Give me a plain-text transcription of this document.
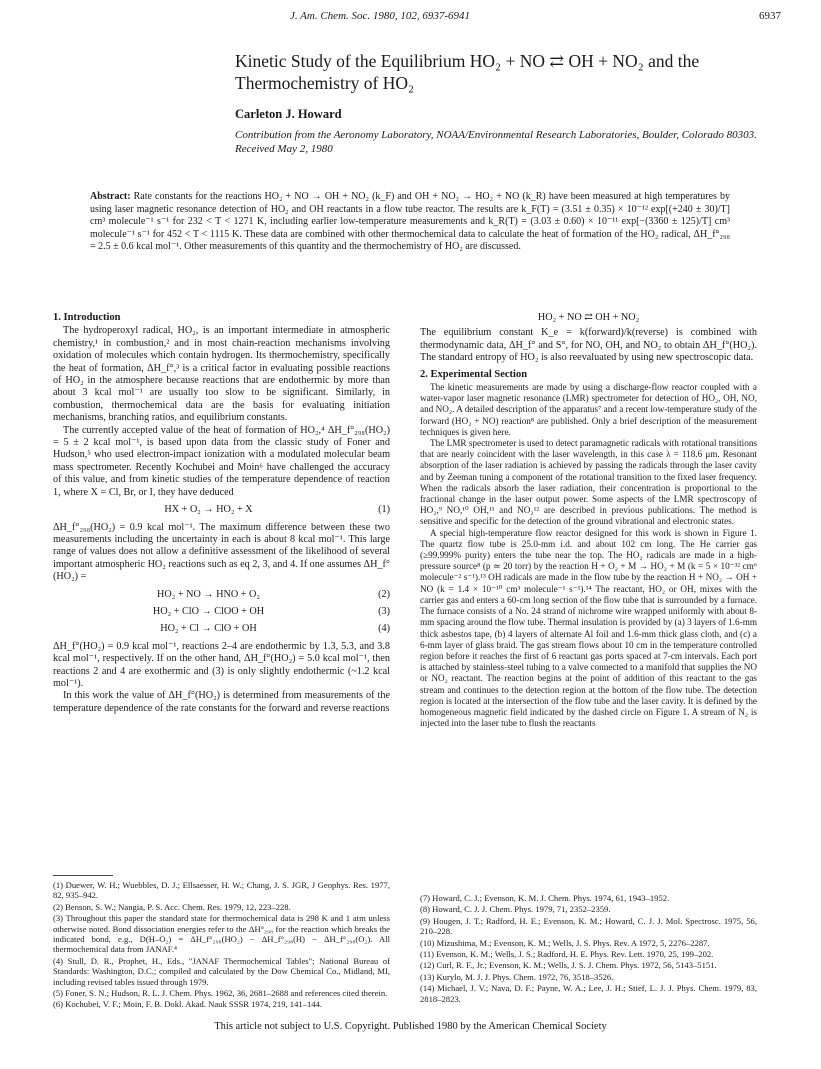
J. Am. Chem. Soc. 1980, 102, 6937-6941	6937
Kinetic Study of the Equilibrium HO₂ + NO ⇄ OH + NO₂ and the Thermochemistry of HO₂
Carleton J. Howard
Contribution from the Aeronomy Laboratory, NOAA/Environmental Research Laboratories, Boulder, Colorado 80303. Received May 2, 1980
Abstract: Rate constants for the reactions HO₂ + NO → OH + NO₂ (k_F) and OH + NO₂ → HO₂ + NO (k_R) have been measured at high temperatures by using laser magnetic resonance detection of HO₂ and OH reactants in a flow tube reactor. The results are k_F(T) = (3.51 ± 0.35) × 10⁻¹² exp[(+240 ± 30)/T] cm³ molecule⁻¹ s⁻¹ for 232 < T < 1271 K, including earlier low-temperature measurements and k_R(T) = (3.03 ± 0.60) × 10⁻¹¹ exp[−(3360 ± 125)/T] cm³ molecule⁻¹ s⁻¹ for 452 < T < 1115 K. These data are combined with other thermochemical data to calculate the heat of formation of the HO₂ radical, ΔH_f°₂₉₈ = 2.5 ± 0.6 kcal mol⁻¹. Other measurements of this quantity and the thermochemistry of HO₂ are discussed.
1. Introduction

The hydroperoxyl radical, HO₂, is an important intermediate in atmospheric chemistry,¹ in combustion,² and in most chain-reaction mechanisms involving oxidation of molecules which contain hydrogen. Its thermochemistry, specifically the heat of formation, ΔH_f°,³ is a critical factor in evaluating possible reactions of HO₂ in the atmosphere because reactions that are endothermic by more than about 3 kcal mol⁻¹ are usually too slow to be significant. Similarly, in combustion, thermochemical data are the basis for evaluating initiation mechanisms, branching ratios, and equilibrium constants.

The currently accepted value of the heat of formation of HO₂,⁴ ΔH_f°₂₉₈(HO₂) = 5 ± 2 kcal mol⁻¹, is based upon data from the classic study of Foner and Hudson,⁵ who used electron-impact ionization with a modulated molecular beam mass spectrometer. Recently Kochubei and Moin⁶ have challenged the accuracy of this value, and from kinetic studies of the temperature dependence of reaction 1, where X = Cl, Br, or I, they have deduced

HX + O₂ → HO₂ + X	(1)

ΔH_f°₂₉₈(HO₂) = 0.9 kcal mol⁻¹. The maximum difference between these two measurements including the uncertainty in each is about 8 kcal mol⁻¹. This large range of values does not allow a definitive assessment of the likelihood of several important atmospheric HO₂ reactions such as eq 2, 3, and 4. If one assumes ΔH_f°(HO₂) =

HO₂ + NO → HNO + O₂	(2)
HO₂ + ClO → ClOO + OH	(3)
HO₂ + Cl → ClO + OH	(4)

ΔH_f°(HO₂) = 0.9 kcal mol⁻¹, reactions 2–4 are endothermic by 1.3, 5.3, and 3.8 kcal mol⁻¹, respectively. If on the other hand, ΔH_f°(HO₂) = 5.0 kcal mol⁻¹, then reactions 2 and 4 are exothermic and (3) is only slightly endothermic (~1.2 kcal mol⁻¹).

In this work the value of ΔH_f°(HO₂) is determined from measurements of the temperature dependence of the rate constants for the forward and reverse reactions

HO₂ + NO ⇄ OH + NO₂

The equilibrium constant K_e = k(forward)/k(reverse) is combined with thermodynamic data, ΔH_f° and S°, for NO, OH, and NO₂ to obtain ΔH_f°(HO₂). The standard entropy of HO₂ is also reevaluated by using new spectroscopic data.

2. Experimental Section

The kinetic measurements are made by using a discharge-flow reactor coupled with a water-vapor laser magnetic resonance (LMR) spectrometer for detection of HO₂, OH, NO, and NO₂. A detailed description of the apparatus⁷ and a recent low-temperature study of the forward (HO₂ + NO) reaction⁸ are published. Only a brief description of the measurement techniques is given here.

The LMR spectrometer is used to detect paramagnetic radicals with rotational transitions that are nearly coincident with the laser wavelength, in this case λ = 118.6 μm. Resonant absorption of the laser radiation is achieved by passing the radicals through the laser cavity and by Zeeman tuning a component of the rotational transition to the fixed laser frequency. When the radicals absorb the laser radiation, their concentration is proportional to the fractional change in the laser output power. Some aspects of the LMR spectroscopy of HO₂,⁹ NO,¹⁰ OH,¹¹ and NO₂¹² are described in previous publications. The method is sensitive and specific for the detection of the ground vibrational and electronic states.

A special high-temperature flow reactor designed for this work is shown in Figure 1. The quartz flow tube is 25.0-mm i.d. and about 102 cm long. The He carrier gas (≥99.999% purity) enters the tube near the top. The HO₂ radicals are made in a high-pressure source⁸ (p ≃ 20 torr) by the reaction H + O₂ + M → HO₂ + M (k = 5 × 10⁻³² cm⁶ molecule⁻² s⁻¹).¹³ OH radicals are made in the flow tube by the reaction H + NO₂ → OH + NO (k = 1.4 × 10⁻¹⁰ cm³ molecule⁻¹ s⁻¹).¹⁴ The reactant, HO₂ or OH, mixes with the carrier gas and enters a 60-cm long section of the flow tube that is surrounded by a furnace. The furnace consists of a No. 24 strand of nichrome wire wrapped uniformly with about 8-mm spacing around the flow tube. Thermal insulation is provided by (a) 3 layers of 1.6-mm thick asbestos tape, (b) 4 layers of alternate Al foil and 1.6-mm thick glass cloth, and (c) a 6-mm layer of glass braid. The gas stream flows about 10 cm in the temperature controlled region before it reaches the first of 6 reactant gas ports spaced at 7-cm intervals. Each port is attached by stainless-steel tubing to a valve connected to a manifold that supplies the NO or NO₂ reactant. The reaction begins at the point of addition of this reactant to the gas stream and continues to the detection region at the bottom of the flow tube. The detection region is located at the intersection of the flow tube and the laser cavity. It is defined by the homogeneous magnetic field indicated by the dashed circle on Figure 1. A stream of N₂ is injected into the laser tube to flush the reactants

(1) Duewer, W. H.; Wuebbles, D. J.; Ellsaesser, H. W.; Chang, J. S. JGR, J Geophys. Res. 1977, 82, 935–942.

(2) Benson, S. W.; Nangia, P. S. Acc. Chem. Res. 1979, 12, 223–228.

(3) Throughout this paper the standard state for thermochemical data is 298 K and 1 atm unless otherwise noted. Bond dissociation energies refer to the ΔH°₂₉₈ for the reaction which breaks the indicated bond, e.g., D(H–O₂) = ΔH_f°₂₉₈(HO₂) − ΔH_f°₂₉₈(H) − ΔH_f°₂₉₈(O₂). All thermochemical data from JANAF.⁴

(4) Stull, D. R., Prophet, H., Eds., "JANAF Thermochemical Tables"; National Bureau of Standards: Washington, D.C.; compiled and calculated by the Dow Chemical Co., Midland, MI, including revised tables issued through 1979.

(5) Foner, S. N.; Hudson, R. L. J. Chem. Phys. 1962, 36, 2681–2688 and references cited therein.

(6) Kochubei, V. F.; Moin, F. B. Dokl. Akad. Nauk SSSR 1974, 219, 141–144.

(7) Howard, C. J.; Evenson, K. M. J. Chem. Phys. 1974, 61, 1943–1952.

(8) Howard, C. J. J. Chem. Phys. 1979, 71, 2352–2359.

(9) Hougen, J. T.; Radford, H. E.; Evenson, K. M.; Howard, C. J. J. Mol. Spectrosc. 1975, 56, 210–228.

(10) Mizushima, M.; Evenson, K. M.; Wells, J. S. Phys. Rev. A 1972, 5, 2276–2287.

(11) Evenson, K. M.; Wells, J. S.; Radford, H. E. Phys. Rev. Lett. 1970, 25, 199–202.

(12) Curl, R. F., Jr.; Evenson, K. M.; Wells, J. S. J. Chem. Phys. 1972, 56, 5143–5151.

(13) Kurylo, M. J. J. Phys. Chem. 1972, 76, 3518–3526.

(14) Michael, J. V.; Nava, D. F.; Payne, W. A.; Lee, J. H.; Stief, L. J. J. Phys. Chem. 1979, 83, 2818–2823.

This article not subject to U.S. Copyright. Published 1980 by the American Chemical Society
